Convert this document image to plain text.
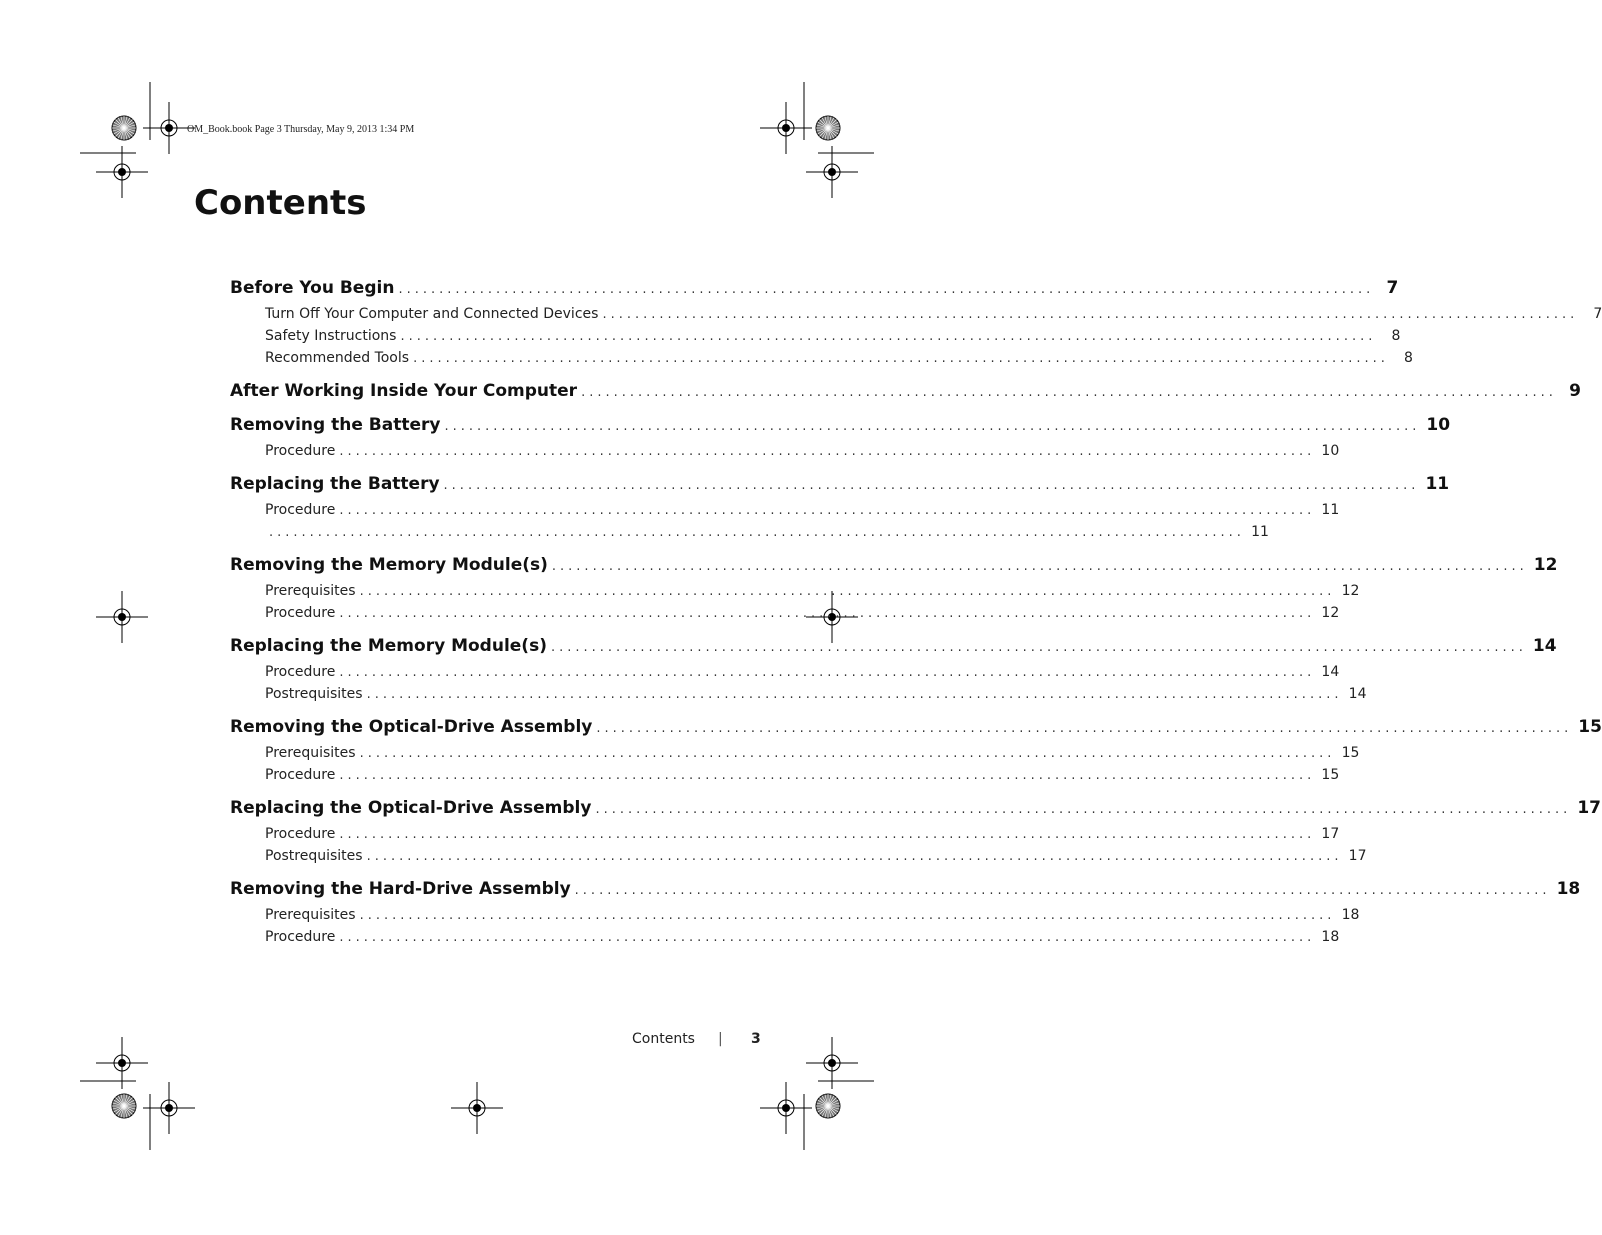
OM_Book.book Page 3 Thursday, May 9, 2013 1:34 PM
Contents
Before You Begin ........................................................................................................................ 7
Turn Off Your Computer and Connected Devices ........................................................................................................................	7
Safety Instructions ........................................................................................................................	8
Recommended Tools ........................................................................................................................	8
After Working Inside Your Computer ........................................................................................................................ 9
Removing the Battery ........................................................................................................................ 10
Procedure ........................................................................................................................ 10
Replacing the Battery ........................................................................................................................ 11
Procedure ........................................................................................................................ 11
........................................................................................................................ 11
Removing the Memory Module(s) ........................................................................................................................ 12
Prerequisites ........................................................................................................................ 12
Procedure ........................................................................................................................ 12
Replacing the Memory Module(s) ........................................................................................................................ 14
Procedure ........................................................................................................................ 14
Postrequisites ........................................................................................................................ 14
Removing the Optical-Drive Assembly ........................................................................................................................ 15
Prerequisites ........................................................................................................................ 15
Procedure ........................................................................................................................ 15
Replacing the Optical-Drive Assembly ........................................................................................................................ 17
Procedure ........................................................................................................................ 17
Postrequisites ........................................................................................................................ 17
Removing the Hard-Drive Assembly ........................................................................................................................ 18
Prerequisites ........................................................................................................................ 18
Procedure ........................................................................................................................ 18
Contents | 3
